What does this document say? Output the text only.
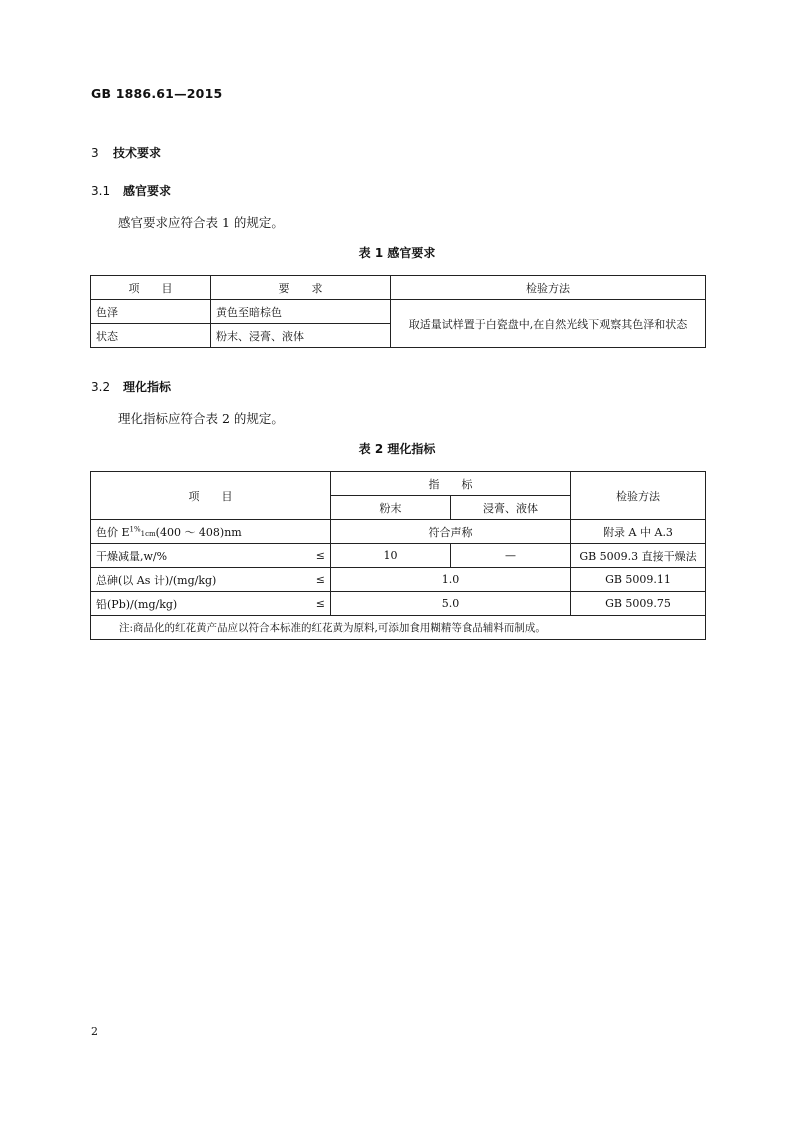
GB 1886.61—2015
3 技术要求
3.1 感官要求
感官要求应符合表 1 的规定。
表 1 感官要求
项　　目	要　　求	检验方法
色泽	黄色至暗棕色	取适量试样置于白瓷盘中,在自然光线下观察其色泽和状态
状态	粉末、浸膏、液体	
3.2 理化指标
理化指标应符合表 2 的规定。
表 2 理化指标
项　　目	指　　标		检验方法
	粉末	浸膏、液体	
色价 $E^{1\%}1cm(400$ ～ 408)nm	符合声称		附录 A 中 A.3

干燥减量,w/% ≤	10	—	GB 5009.3 直接干燥法

总砷(以 As 计)/(mg/kg) ≤	1.0		GB 5009.11

铅(Pb)/(mg/kg) ≤	5.0		GB 5009.75
注:商品化的红花黄产品应以符合本标准的红花黄为原料,可添加食用糊精等食品辅料而制成。			
2
